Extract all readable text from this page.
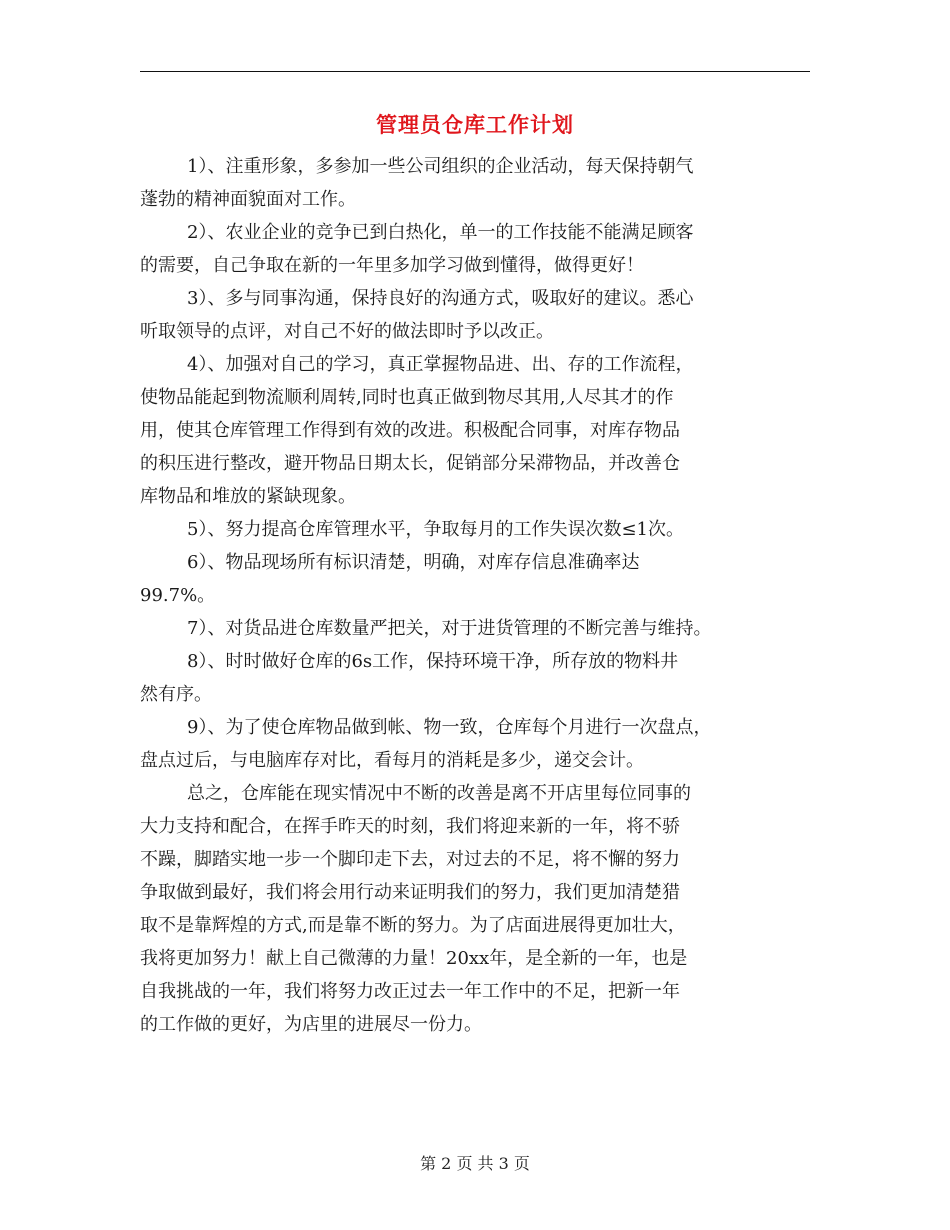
管理员仓库工作计划
1）、注重形象，多参加一些公司组织的企业活动，每天保持朝气
蓬勃的精神面貌面对工作。
2）、农业企业的竞争已到白热化，单一的工作技能不能满足顾客
的需要，自己争取在新的一年里多加学习做到懂得，做得更好！
3）、多与同事沟通，保持良好的沟通方式，吸取好的建议。悉心
听取领导的点评，对自己不好的做法即时予以改正。
4）、加强对自己的学习，真正掌握物品进、出、存的工作流程，
使物品能起到物流顺利周转,同时也真正做到物尽其用,人尽其才的作
用，使其仓库管理工作得到有效的改进。积极配合同事，对库存物品
的积压进行整改，避开物品日期太长，促销部分呆滞物品，并改善仓
库物品和堆放的紧缺现象。
5）、努力提高仓库管理水平，争取每月的工作失误次数≤1次。
6）、物品现场所有标识清楚，明确，对库存信息准确率达
99.7%。
7）、对货品进仓库数量严把关，对于进货管理的不断完善与维持。
8）、时时做好仓库的6s工作，保持环境干净，所存放的物料井
然有序。
9）、为了使仓库物品做到帐、物一致，仓库每个月进行一次盘点，
盘点过后，与电脑库存对比，看每月的消耗是多少，递交会计。
总之，仓库能在现实情况中不断的改善是离不开店里每位同事的
大力支持和配合，在挥手昨天的时刻，我们将迎来新的一年，将不骄
不躁，脚踏实地一步一个脚印走下去，对过去的不足，将不懈的努力
争取做到最好，我们将会用行动来证明我们的努力，我们更加清楚猎
取不是靠辉煌的方式,而是靠不断的努力。为了店面进展得更加壮大，
我将更加努力！献上自己微薄的力量！20xx年，是全新的一年，也是
自我挑战的一年，我们将努力改正过去一年工作中的不足，把新一年
的工作做的更好，为店里的进展尽一份力。
第 2 页 共 3 页
